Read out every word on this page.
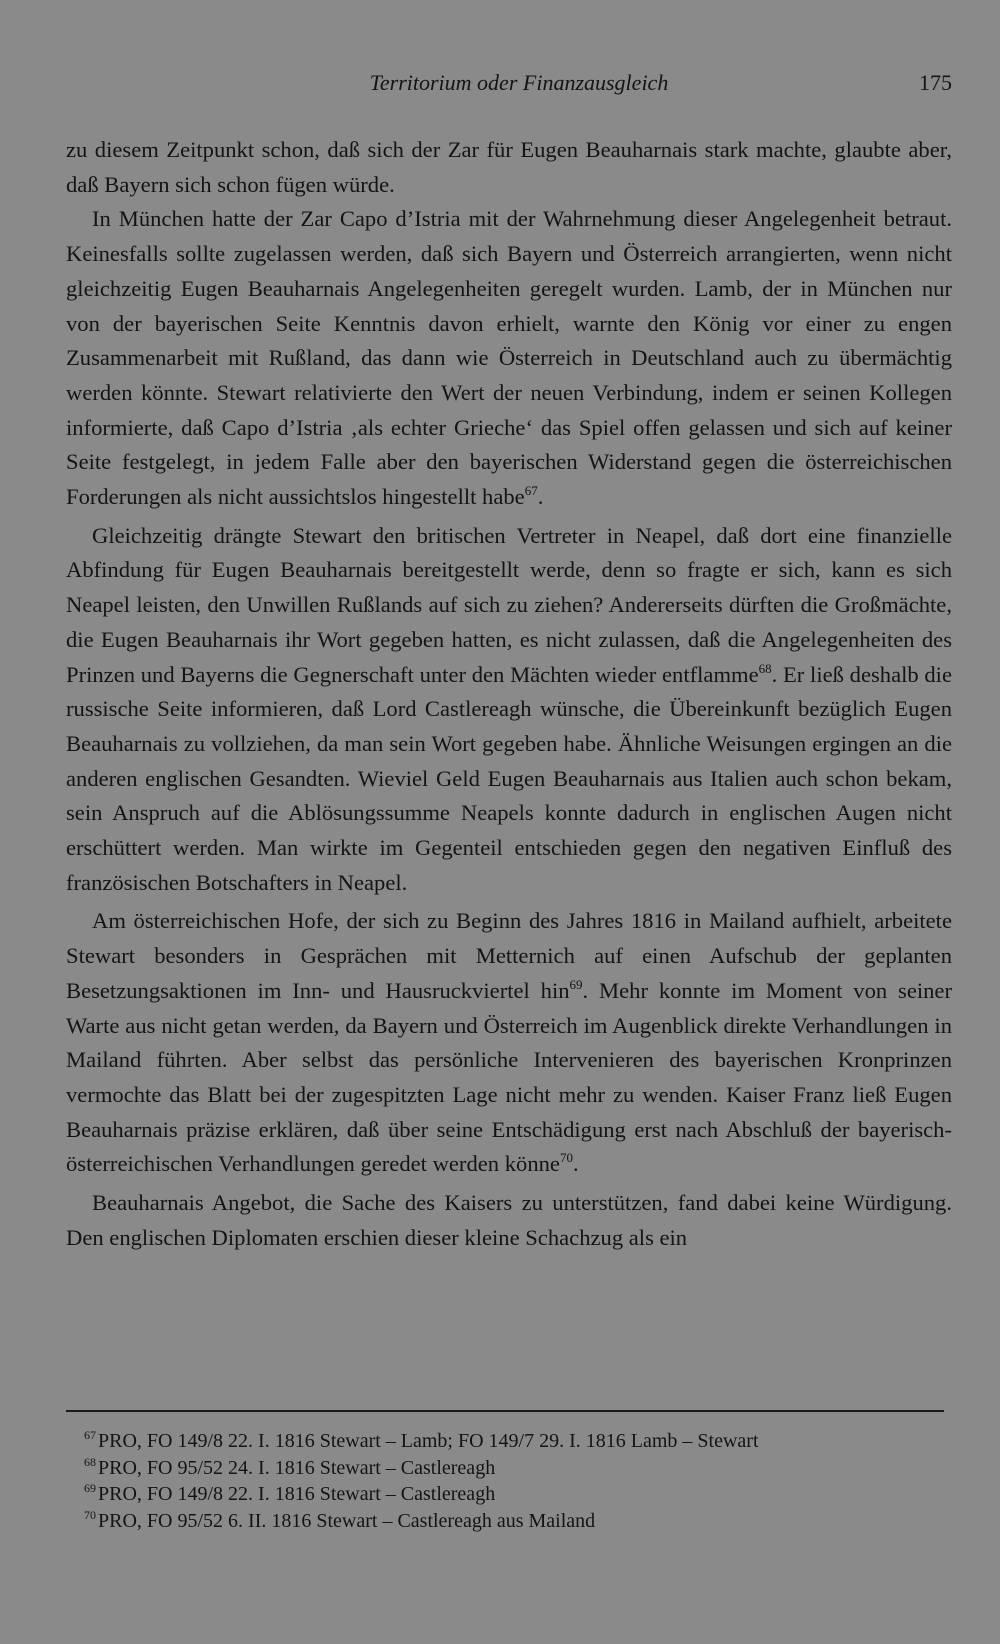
Territorium oder Finanzausgleich	175

zu diesem Zeitpunkt schon, daß sich der Zar für Eugen Beauharnais stark machte, glaubte aber, daß Bayern sich schon fügen würde.

In München hatte der Zar Capo d’Istria mit der Wahrnehmung dieser Angelegenheit betraut. Keinesfalls sollte zugelassen werden, daß sich Bayern und Österreich arrangierten, wenn nicht gleichzeitig Eugen Beauharnais Angelegenheiten geregelt wurden. Lamb, der in München nur von der bayerischen Seite Kenntnis davon erhielt, warnte den König vor einer zu engen Zusammenarbeit mit Rußland, das dann wie Österreich in Deutschland auch zu übermächtig werden könnte. Stewart relativierte den Wert der neuen Verbindung, indem er seinen Kollegen informierte, daß Capo d’Istria ‚als echter Grieche‘ das Spiel offen gelassen und sich auf keiner Seite festgelegt, in jedem Falle aber den bayerischen Widerstand gegen die österreichischen Forderungen als nicht aussichtslos hingestellt habe$^{67}$.

Gleichzeitig drängte Stewart den britischen Vertreter in Neapel, daß dort eine finanzielle Abfindung für Eugen Beauharnais bereitgestellt werde, denn so fragte er sich, kann es sich Neapel leisten, den Unwillen Rußlands auf sich zu ziehen? Andererseits dürften die Großmächte, die Eugen Beauharnais ihr Wort gegeben hatten, es nicht zulassen, daß die Angelegenheiten des Prinzen und Bayerns die Gegnerschaft unter den Mächten wieder entflamme$^{68}$. Er ließ deshalb die russische Seite informieren, daß Lord Castlereagh wünsche, die Übereinkunft bezüglich Eugen Beauharnais zu vollziehen, da man sein Wort gegeben habe. Ähnliche Weisungen ergingen an die anderen englischen Gesandten. Wieviel Geld Eugen Beauharnais aus Italien auch schon bekam, sein Anspruch auf die Ablösungssumme Neapels konnte dadurch in englischen Augen nicht erschüttert werden. Man wirkte im Gegenteil entschieden gegen den negativen Einfluß des französischen Botschafters in Neapel.

Am österreichischen Hofe, der sich zu Beginn des Jahres 1816 in Mailand aufhielt, arbeitete Stewart besonders in Gesprächen mit Metternich auf einen Aufschub der geplanten Besetzungsaktionen im Inn- und Hausruckviertel hin$^{69}$. Mehr konnte im Moment von seiner Warte aus nicht getan werden, da Bayern und Österreich im Augenblick direkte Verhandlungen in Mailand führten. Aber selbst das persönliche Intervenieren des bayerischen Kronprinzen vermochte das Blatt bei der zugespitzten Lage nicht mehr zu wenden. Kaiser Franz ließ Eugen Beauharnais präzise erklären, daß über seine Entschädigung erst nach Abschluß der bayerisch-österreichischen Verhandlungen geredet werden könne$^{70}$.

Beauharnais Angebot, die Sache des Kaisers zu unterstützen, fand dabei keine Würdigung. Den englischen Diplomaten erschien dieser kleine Schachzug als ein

$^{67}$ PRO, FO 149/8 22. I. 1816 Stewart – Lamb; FO 149/7 29. I. 1816 Lamb – Stewart
$^{68}$ PRO, FO 95/52 24. I. 1816 Stewart – Castlereagh
$^{69}$ PRO, FO 149/8 22. I. 1816 Stewart – Castlereagh
$^{70}$ PRO, FO 95/52 6. II. 1816 Stewart – Castlereagh aus Mailand
